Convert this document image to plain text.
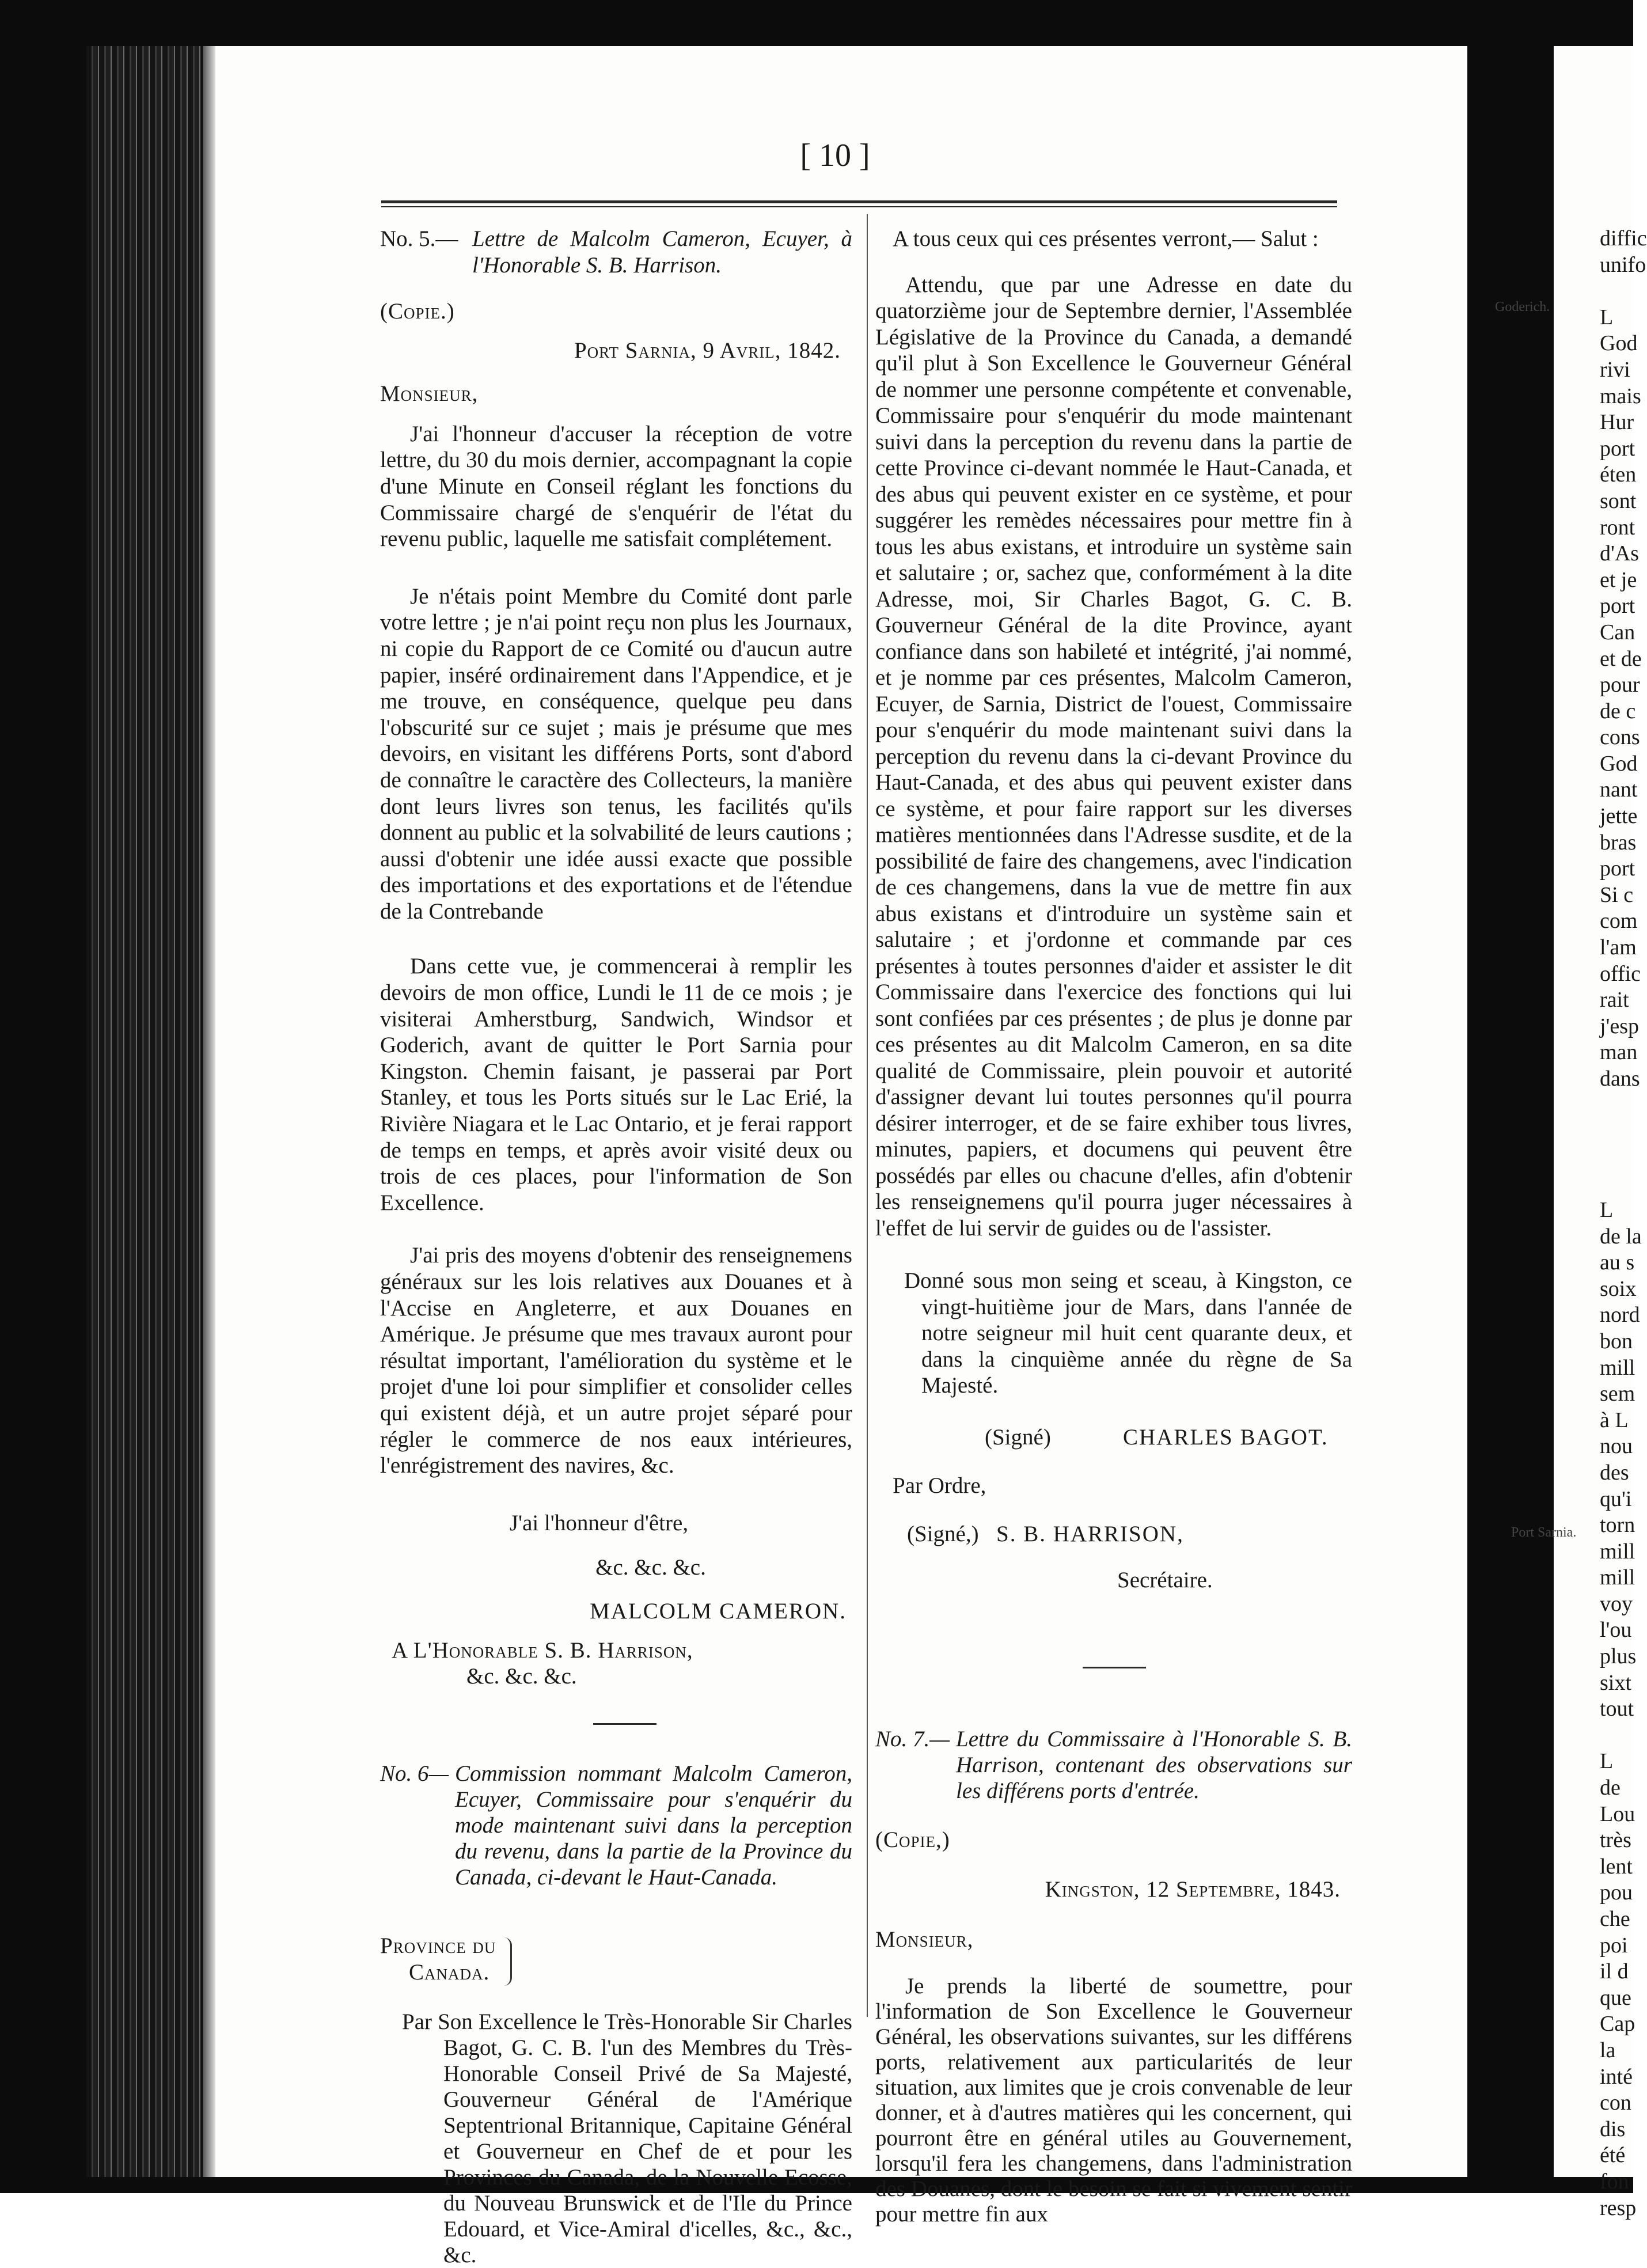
[ 10 ]
No. 5.— Lettre de Malcolm Cameron, Ecuyer, à l'Honorable S. B. Harrison.

(Copie.)

Port Sarnia, 9 Avril, 1842.

Monsieur,

J'ai l'honneur d'accuser la réception de votre lettre, du 30 du mois dernier, accompagnant la copie d'une Minute en Conseil réglant les fonctions du Commissaire chargé de s'enquérir de l'état du revenu public, laquelle me satisfait complétement.

Je n'étais point Membre du Comité dont parle votre lettre ; je n'ai point reçu non plus les Journaux, ni copie du Rapport de ce Comité ou d'aucun autre papier, inséré ordinairement dans l'Appendice, et je me trouve, en conséquence, quelque peu dans l'obscurité sur ce sujet ; mais je présume que mes devoirs, en visitant les différens Ports, sont d'abord de connaître le caractère des Collecteurs, la manière dont leurs livres son tenus, les facilités qu'ils donnent au public et la solvabilité de leurs cautions ; aussi d'obtenir une idée aussi exacte que possible des importations et des exportations et de l'étendue de la Contrebande

Dans cette vue, je commencerai à remplir les devoirs de mon office, Lundi le 11 de ce mois ; je visiterai Amherstburg, Sandwich, Windsor et Goderich, avant de quitter le Port Sarnia pour Kingston. Chemin faisant, je passerai par Port Stanley, et tous les Ports situés sur le Lac Erié, la Rivière Niagara et le Lac Ontario, et je ferai rapport de temps en temps, et après avoir visité deux ou trois de ces places, pour l'information de Son Excellence.

J'ai pris des moyens d'obtenir des renseignemens généraux sur les lois relatives aux Douanes et à l'Accise en Angleterre, et aux Douanes en Amérique. Je présume que mes travaux auront pour résultat important, l'amélioration du système et le projet d'une loi pour simplifier et consolider celles qui existent déjà, et un autre projet séparé pour régler le commerce de nos eaux intérieures, l'enrégistrement des navires, &c.

J'ai l'honneur d'être,

&c. &c. &c.

MALCOLM CAMERON.

A L'Honorable S. B. Harrison,

&c. &c. &c.

No. 6— Commission nommant Malcolm Cameron, Ecuyer, Commissaire pour s'enquérir du mode maintenant suivi dans la perception du revenu, dans la partie de la Province du Canada, ci-devant le Haut-Canada.
Province du
Canada.
Par Son Excellence le Très-Honorable Sir Charles Bagot, G. C. B. l'un des Membres du Très-Honorable Conseil Privé de Sa Majesté, Gouverneur Général de l'Amérique Septentrional Britannique, Capitaine Général et Gouverneur en Chef de et pour les Provinces du Canada, de la Nouvelle Ecosse, du Nouveau Brunswick et de l'Ile du Prince Edouard, et Vice-Amiral d'icelles, &c., &c., &c.

A tous ceux qui ces présentes verront,— Salut :

Attendu, que par une Adresse en date du quatorzième jour de Septembre dernier, l'Assemblée Législative de la Province du Canada, a demandé qu'il plut à Son Excellence le Gouverneur Général de nommer une personne compétente et convenable, Commissaire pour s'enquérir du mode maintenant suivi dans la perception du revenu dans la partie de cette Province ci-devant nommée le Haut-Canada, et des abus qui peuvent exister en ce système, et pour suggérer les remèdes nécessaires pour mettre fin à tous les abus existans, et introduire un système sain et salutaire ; or, sachez que, conformément à la dite Adresse, moi, Sir Charles Bagot, G. C. B. Gouverneur Général de la dite Province, ayant confiance dans son habileté et intégrité, j'ai nommé, et je nomme par ces présentes, Malcolm Cameron, Ecuyer, de Sarnia, District de l'ouest, Commissaire pour s'enquérir du mode maintenant suivi dans la perception du revenu dans la ci-devant Province du Haut-Canada, et des abus qui peuvent exister dans ce système, et pour faire rapport sur les diverses matières mentionnées dans l'Adresse susdite, et de la possibilité de faire des changemens, avec l'indication de ces changemens, dans la vue de mettre fin aux abus existans et d'introduire un système sain et salutaire ; et j'ordonne et commande par ces présentes à toutes personnes d'aider et assister le dit Commissaire dans l'exercice des fonctions qui lui sont confiées par ces présentes ; de plus je donne par ces présentes au dit Malcolm Cameron, en sa dite qualité de Commissaire, plein pouvoir et autorité d'assigner devant lui toutes personnes qu'il pourra désirer interroger, et de se faire exhiber tous livres, minutes, papiers, et documens qui peuvent être possédés par elles ou chacune d'elles, afin d'obtenir les renseignemens qu'il pourra juger nécessaires à l'effet de lui servir de guides ou de l'assister.

Donné sous mon seing et sceau, à Kingston, ce vingt-huitième jour de Mars, dans l'année de notre seigneur mil huit cent quarante deux, et dans la cinquième année du règne de Sa Majesté.

(Signé)	CHARLES BAGOT.

Par Ordre,

(Signé,) S. B. HARRISON,

Secrétaire.

No. 7.— Lettre du Commissaire à l'Honorable S. B. Harrison, contenant des observations sur les différens ports d'entrée.

(Copie,)

Kingston, 12 Septembre, 1843.

Monsieur,

Je prends la liberté de soumettre, pour l'information de Son Excellence le Gouverneur Général, les observations suivantes, sur les différens ports, relativement aux particularités de leur situation, aux limites que je crois convenable de leur donner, et à d'autres matières qui les concernent, qui pourront être en général utiles au Gouvernement, lorsqu'il fera les changemens, dans l'administration des Douanes, dont le besoin se fait si vivement sentir pour mettre fin aux

diffic
unifo

L
God
rivi
mais
Hur
port
éten
sont
ront
d'As
et je
port
Can
et de
pour
de c
cons
God
nant
jette
bras
port
Si c
com
l'am
offic
rait
j'esp
man
dans

L
de la
au s
soix
nord
bon
mill
sem
à L
nou
des
qu'i
torn
mill
mill
voy
l'ou
plus
sixt
tout

L
de
Lou
très
lent
pou
che
poi
il d
que
Cap
la
inté
con
dis
été
fon
resp
Goderich.
Port Sarnia.
